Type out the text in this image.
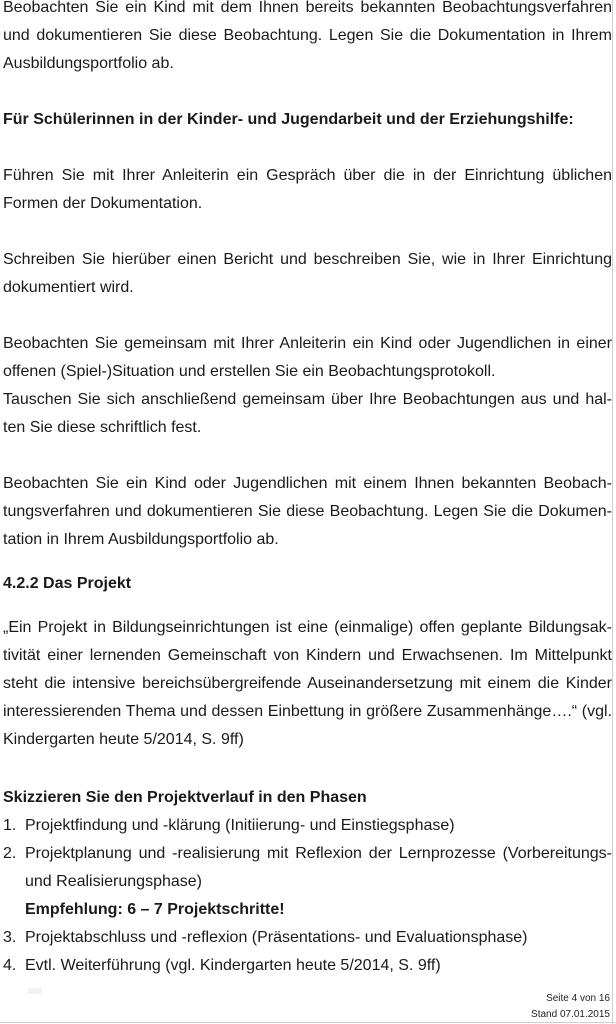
Beobachten Sie ein Kind mit dem Ihnen bereits bekannten Beobachtungsverfahren und dokumentieren Sie diese Beobachtung. Legen Sie die Dokumentation in Ihrem Ausbildungsportfolio ab.
Für Schülerinnen in der Kinder- und Jugendarbeit und der Erziehungshilfe:
Führen Sie mit Ihrer Anleiterin ein Gespräch über die in der Einrichtung üblichen Formen der Dokumentation.
Schreiben Sie hierüber einen Bericht und beschreiben Sie, wie in Ihrer Einrichtung dokumentiert wird.
Beobachten Sie gemeinsam mit Ihrer Anleiterin ein Kind oder Jugendlichen in einer offenen (Spiel-)Situation und erstellen Sie ein Beobachtungsprotokoll.
Tauschen Sie sich anschließend gemeinsam über Ihre Beobachtungen aus und hal-ten Sie diese schriftlich fest.
Beobachten Sie ein Kind oder Jugendlichen mit einem Ihnen bekannten Beobach-tungsverfahren und dokumentieren Sie diese Beobachtung. Legen Sie die Dokumen-tation in Ihrem Ausbildungsportfolio ab.
4.2.2 Das Projekt
„Ein Projekt in Bildungseinrichtungen ist eine (einmalige) offen geplante Bildungsak-tivität einer lernenden Gemeinschaft von Kindern und Erwachsenen. Im Mittelpunkt steht die intensive bereichsübergreifende Auseinandersetzung mit einem die Kinder interessierenden Thema und dessen Einbettung in größere Zusammenhänge….“ (vgl. Kindergarten heute 5/2014, S. 9ff)
Skizzieren Sie den Projektverlauf in den Phasen
1. Projektfindung und -klärung (Initiierung- und Einstiegsphase)
2. Projektplanung und -realisierung mit Reflexion der Lernprozesse (Vorbereitungs- und Realisierungsphase)
Empfehlung: 6 – 7 Projektschritte!
3. Projektabschluss und -reflexion (Präsentations- und Evaluationsphase)
4. Evtl. Weiterführung (vgl. Kindergarten heute 5/2014, S. 9ff)
Seite 4 von 16
Stand 07.01.2015
